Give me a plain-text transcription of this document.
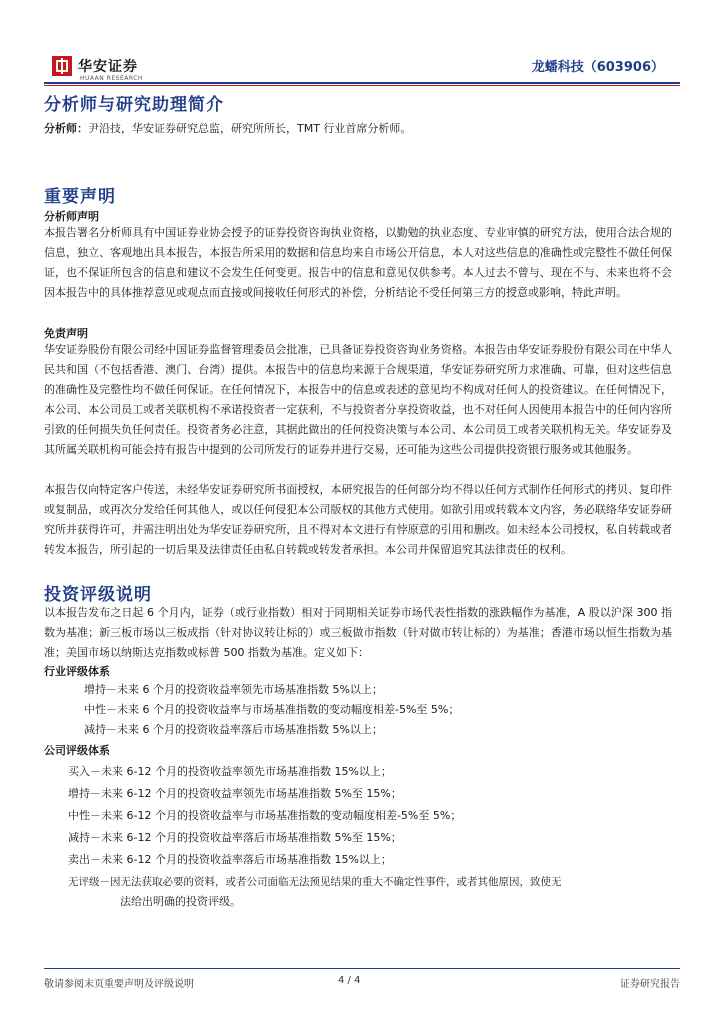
华安证券
HUAAN RESEARCH
龙蟠科技（603906）
分析师与研究助理简介
分析师：尹沿技，华安证券研究总监，研究所所长，TMT 行业首席分析师。
重要声明
分析师声明
本报告署名分析师具有中国证券业协会授予的证券投资咨询执业资格，以勤勉的执业态度、专业审慎的研究方法，使用合法合规的信息，独立、客观地出具本报告，本报告所采用的数据和信息均来自市场公开信息，本人对这些信息的准确性或完整性不做任何保证，也不保证所包含的信息和建议不会发生任何变更。报告中的信息和意见仅供参考。本人过去不曾与、现在不与、未来也将不会因本报告中的具体推荐意见或观点而直接或间接收任何形式的补偿，分析结论不受任何第三方的授意或影响，特此声明。
免责声明
华安证券股份有限公司经中国证券监督管理委员会批准，已具备证券投资咨询业务资格。本报告由华安证券股份有限公司在中华人民共和国（不包括香港、澳门、台湾）提供。本报告中的信息均来源于合规渠道，华安证券研究所力求准确、可靠，但对这些信息的准确性及完整性均不做任何保证。在任何情况下，本报告中的信息或表述的意见均不构成对任何人的投资建议。在任何情况下，本公司、本公司员工或者关联机构不承诺投资者一定获利，不与投资者分享投资收益，也不对任何人因使用本报告中的任何内容所引致的任何损失负任何责任。投资者务必注意，其据此做出的任何投资决策与本公司、本公司员工或者关联机构无关。华安证券及其所属关联机构可能会持有报告中提到的公司所发行的证券并进行交易，还可能为这些公司提供投资银行服务或其他服务。
本报告仅向特定客户传送，未经华安证券研究所书面授权，本研究报告的任何部分均不得以任何方式制作任何形式的拷贝、复印件或复制品，或再次分发给任何其他人，或以任何侵犯本公司版权的其他方式使用。如欲引用或转载本文内容，务必联络华安证券研究所并获得许可，并需注明出处为华安证券研究所，且不得对本文进行有悖原意的引用和删改。如未经本公司授权，私自转载或者转发本报告，所引起的一切后果及法律责任由私自转载或转发者承担。本公司并保留追究其法律责任的权利。
投资评级说明
以本报告发布之日起 6 个月内，证券（或行业指数）相对于同期相关证券市场代表性指数的涨跌幅作为基准，A 股以沪深 300 指数为基准；新三板市场以三板成指（针对协议转让标的）或三板做市指数（针对做市转让标的）为基准；香港市场以恒生指数为基准；美国市场以纳斯达克指数或标普 500 指数为基准。定义如下：
行业评级体系
增持－未来 6 个月的投资收益率领先市场基准指数 5%以上；
中性－未来 6 个月的投资收益率与市场基准指数的变动幅度相差-5%至 5%；
减持－未来 6 个月的投资收益率落后市场基准指数 5%以上；
公司评级体系
买入－未来 6-12 个月的投资收益率领先市场基准指数 15%以上；
增持－未来 6-12 个月的投资收益率领先市场基准指数 5%至 15%；
中性－未来 6-12 个月的投资收益率与市场基准指数的变动幅度相差-5%至 5%；
减持－未来 6-12 个月的投资收益率落后市场基准指数 5%至 15%；
卖出－未来 6-12 个月的投资收益率落后市场基准指数 15%以上；
无评级－因无法获取必要的资料，或者公司面临无法预见结果的重大不确定性事件，或者其他原因，致使无
法给出明确的投资评级。
敬请参阅末页重要声明及评级说明	4 / 4	证券研究报告
